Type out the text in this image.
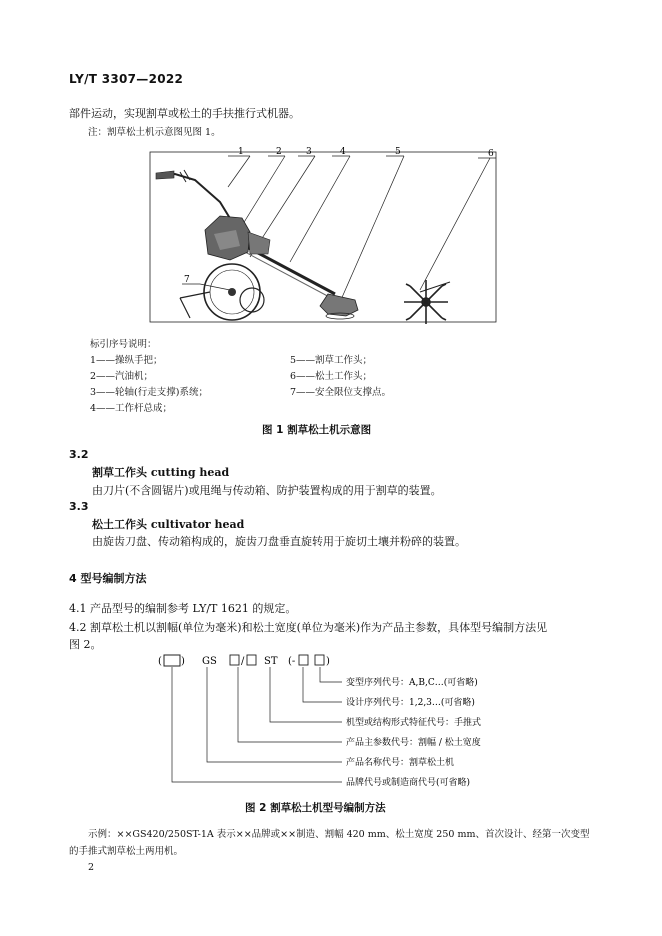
LY/T 3307—2022
部件运动，实现割草或松土的手扶推行式机器。
注：割草松土机示意图见图 1。
1	2	3	4	5	6
7
标引序号说明：
1——操纵手把；
2——汽油机；
3——轮轴(行走支撑)系统；
4——工作杆总成；
5——割草工作头；
6——松土工作头；
7——安全限位支撑点。
图 1 割草松土机示意图
3.2
割草工作头 cutting head
由刀片(不含圆锯片)或甩绳与传动箱、防护装置构成的用于割草的装置。
3.3
松土工作头 cultivator head
由旋齿刀盘、传动箱构成的，旋齿刀盘垂直旋转用于旋切土壤并粉碎的装置。
4 型号编制方法
4.1 产品型号的编制参考 LY/T 1621 的规定。
4.2 割草松土机以割幅(单位为毫米)和松土宽度(单位为毫米)作为产品主参数，具体型号编制方法见
图 2。
( ) GS / ST (-	)
变型序列代号：A,B,C…(可省略)
设计序列代号：1,2,3…(可省略)
机型或结构形式特征代号：手推式
产品主参数代号：割幅 / 松土宽度
产品名称代号：割草松土机
品牌代号或制造商代号(可省略)
图 2 割草松土机型号编制方法
示例：××GS420/250ST-1A 表示××品牌或××制造、割幅 420 mm、松土宽度 250 mm、首次设计、经第一次变型
的手推式割草松土两用机。
2
